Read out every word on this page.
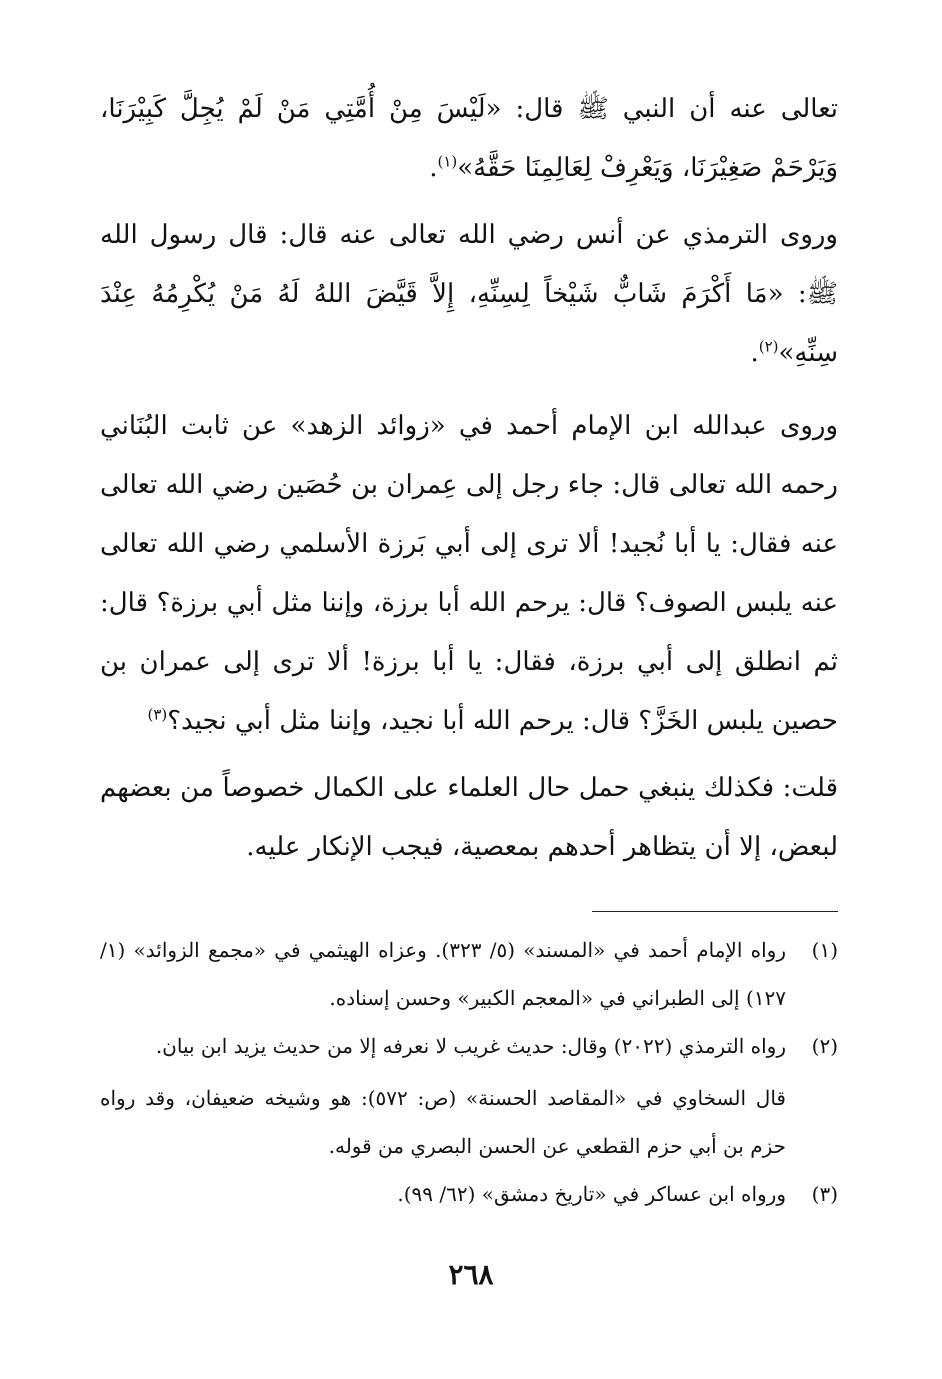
تعالى عنه أن النبي ﷺ قال: «لَيْسَ مِنْ أُمَّتِي مَنْ لَمْ يُجِلَّ كَبِيْرَنَا، وَيَرْحَمْ صَغِيْرَنَا، وَيَعْرِفْ لِعَالِمِنَا حَقَّهُ»$^{(١)}$.

وروى الترمذي عن أنس رضي الله تعالى عنه قال: قال رسول الله ﷺ: «مَا أَكْرَمَ شَابٌّ شَيْخاً لِسِنِّهِ، إِلاَّ قَيَّضَ اللهُ لَهُ مَنْ يُكْرِمُهُ عِنْدَ سِنِّهِ»$^{(٢)}$.

وروى عبدالله ابن الإمام أحمد في «زوائد الزهد» عن ثابت البُنَاني رحمه الله تعالى قال: جاء رجل إلى عِمران بن حُصَين رضي الله تعالى عنه فقال: يا أبا نُجيد! ألا ترى إلى أبي بَرزة الأسلمي رضي الله تعالى عنه يلبس الصوف؟ قال: يرحم الله أبا برزة، وإننا مثل أبي برزة؟ قال: ثم انطلق إلى أبي برزة، فقال: يا أبا برزة! ألا ترى إلى عمران بن حصين يلبس الخَزَّ؟ قال: يرحم الله أبا نجيد، وإننا مثل أبي نجيد؟$^{(٣)}$

قلت: فكذلك ينبغي حمل حال العلماء على الكمال خصوصاً من بعضهم لبعض، إلا أن يتظاهر أحدهم بمعصية، فيجب الإنكار عليه.

(١)
رواه الإمام أحمد في «المسند» (٥/ ٣٢٣). وعزاه الهيثمي في «مجمع الزوائد» (١/ ١٢٧) إلى الطبراني في «المعجم الكبير» وحسن إسناده.
(٢)
رواه الترمذي (٢٠٢٢) وقال: حديث غريب لا نعرفه إلا من حديث يزيد ابن بيان.
قال السخاوي في «المقاصد الحسنة» (ص: ٥٧٢): هو وشيخه ضعيفان، وقد رواه حزم بن أبي حزم القطعي عن الحسن البصري من قوله.
(٣)
ورواه ابن عساكر في «تاريخ دمشق» (٦٢/ ٩٩).
٢٦٨
